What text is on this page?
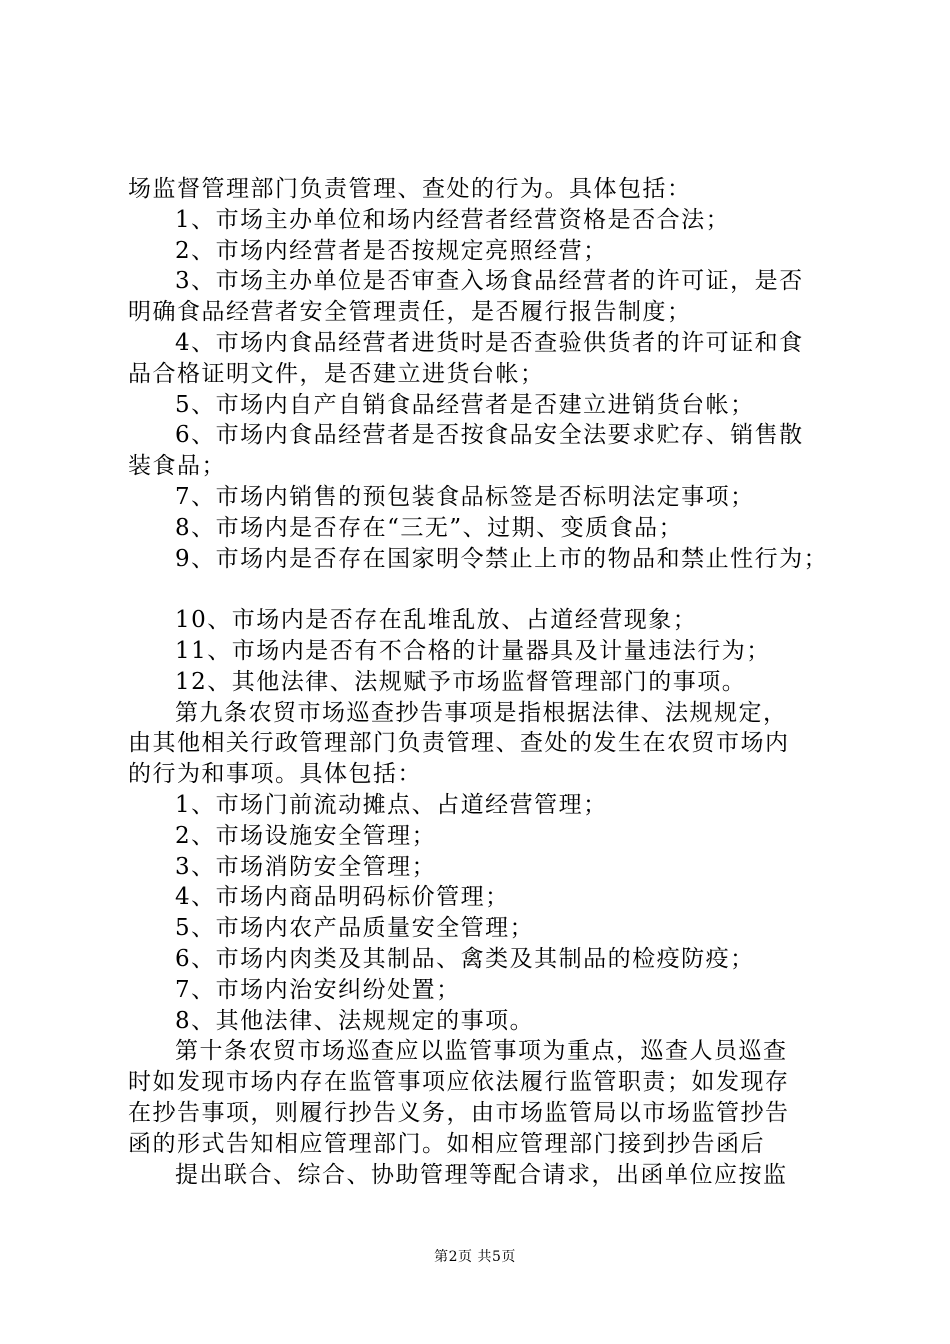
场监督管理部门负责管理、查处的行为。具体包括：
1、市场主办单位和场内经营者经营资格是否合法；
2、市场内经营者是否按规定亮照经营；
3、市场主办单位是否审查入场食品经营者的许可证，是否
明确食品经营者安全管理责任，是否履行报告制度；
4、市场内食品经营者进货时是否查验供货者的许可证和食
品合格证明文件，是否建立进货台帐；
5、市场内自产自销食品经营者是否建立进销货台帐；
6、市场内食品经营者是否按食品安全法要求贮存、销售散
装食品；
7、市场内销售的预包装食品标签是否标明法定事项；
8、市场内是否存在“三无”、过期、变质食品；
9、市场内是否存在国家明令禁止上市的物品和禁止性行为；
10、市场内是否存在乱堆乱放、占道经营现象；
11、市场内是否有不合格的计量器具及计量违法行为；
12、其他法律、法规赋予市场监督管理部门的事项。
第九条农贸市场巡查抄告事项是指根据法律、法规规定，
由其他相关行政管理部门负责管理、查处的发生在农贸市场内
的行为和事项。具体包括：
1、市场门前流动摊点、占道经营管理；
2、市场设施安全管理；
3、市场消防安全管理；
4、市场内商品明码标价管理；
5、市场内农产品质量安全管理；
6、市场内肉类及其制品、禽类及其制品的检疫防疫；
7、市场内治安纠纷处置；
8、其他法律、法规规定的事项。
第十条农贸市场巡查应以监管事项为重点，巡查人员巡查
时如发现市场内存在监管事项应依法履行监管职责；如发现存
在抄告事项，则履行抄告义务，由市场监管局以市场监管抄告
函的形式告知相应管理部门。如相应管理部门接到抄告函后
提出联合、综合、协助管理等配合请求，出函单位应按监
第2页 共5页
